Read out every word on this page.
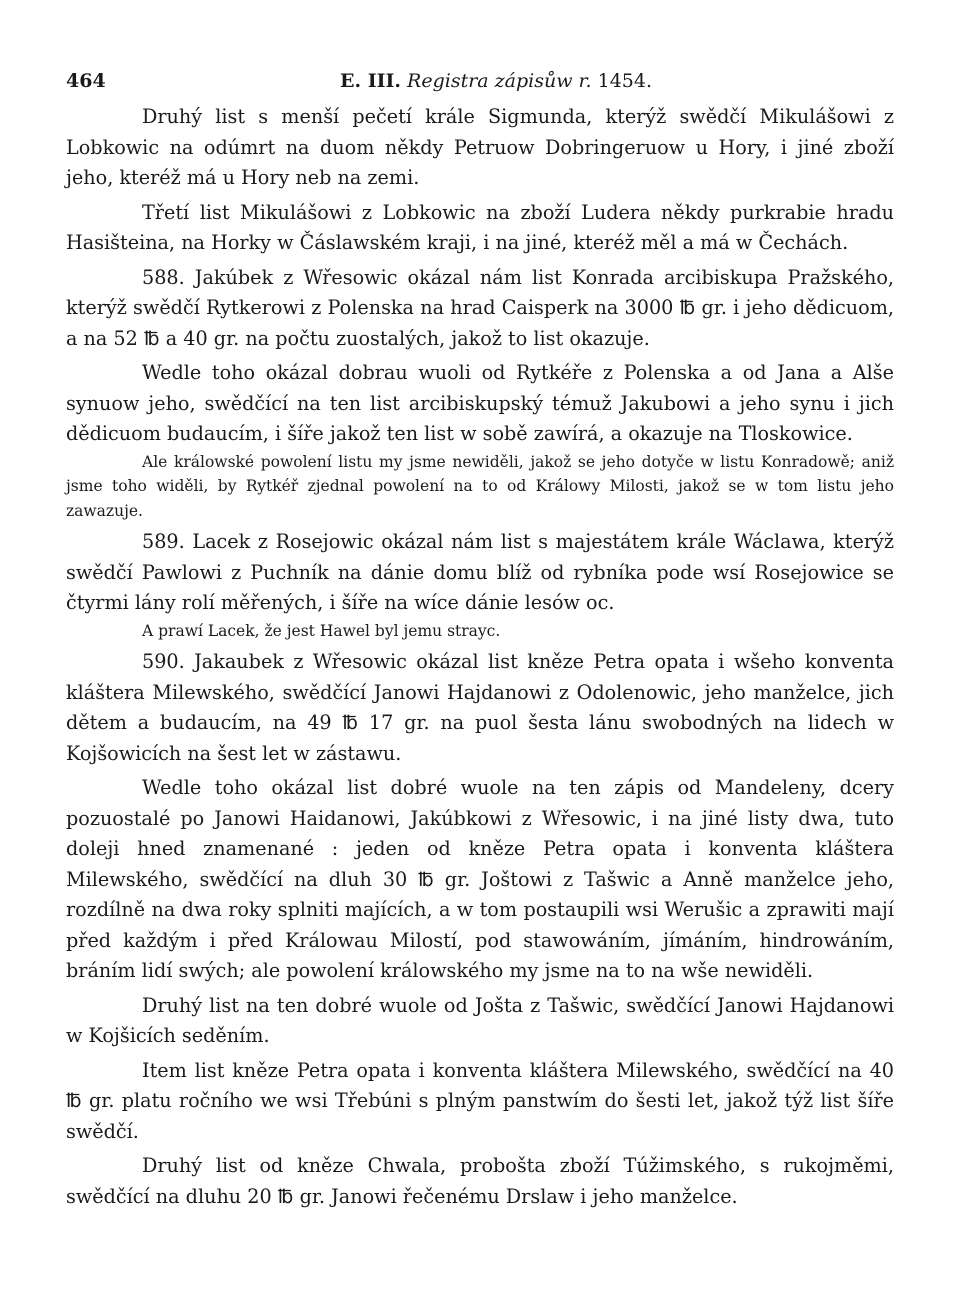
464	E. III. Registra zápisůw r. 1454.

Druhý list s menší pečetí krále Sigmunda, kterýž swědčí Mikulášowi z Lobkowic na odúmrt na duom někdy Petruow Dobringeruow u Hory, i jiné zboží jeho, kteréž má u Hory neb na zemi.

Třetí list Mikulášowi z Lobkowic na zboží Ludera někdy purkrabie hradu Hasišteina, na Horky w Čáslawském kraji, i na jiné, kteréž měl a má w Čechách.

588. Jakúbek z Wřesowic okázal nám list Konrada arcibiskupa Pražského, kterýž swědčí Rytkerowi z Polenska na hrad Caisperk na 3000 ℔ gr. i jeho dědicuom, a na 52 ℔ a 40 gr. na počtu zuostalých, jakož to list okazuje.

Wedle toho okázal dobrau wuoli od Rytkéře z Polenska a od Jana a Alše synuow jeho, swědčící na ten list arcibiskupský témuž Jakubowi a jeho synu i jich dědicuom budaucím, i šíře jakož ten list w sobě zawírá, a okazuje na Tloskowice.

Ale králowské powolení listu my jsme newiděli, jakož se jeho dotyče w listu Konradowě; aniž jsme toho widěli, by Rytkéř zjednal powolení na to od Králowy Milosti, jakož se w tom listu jeho zawazuje.

589. Lacek z Rosejowic okázal nám list s majestátem krále Wáclawa, kterýž swědčí Pawlowi z Puchník na dánie domu blíž od rybníka pode wsí Rosejowice se čtyrmi lány rolí měřených, i šíře na wíce dánie lesów oc.

A prawí Lacek, že jest Hawel byl jemu strayc.

590. Jakaubek z Wřesowic okázal list kněze Petra opata i wšeho konventa kláštera Milewského, swědčící Janowi Hajdanowi z Odolenowic, jeho manželce, jich dětem a budaucím, na 49 ℔ 17 gr. na puol šesta lánu swobodných na lidech w Kojšowicích na šest let w zástawu.

Wedle toho okázal list dobré wuole na ten zápis od Mandeleny, dcery pozuostalé po Janowi Haidanowi, Jakúbkowi z Wřesowic, i na jiné listy dwa, tuto doleji hned znamenané : jeden od kněze Petra opata i konventa kláštera Milewského, swědčící na dluh 30 ℔ gr. Joštowi z Tašwic a Anně manželce jeho, rozdílně na dwa roky splniti majících, a w tom postaupili wsi Werušic a zprawiti mají před každým i před Králowau Milostí, pod stawowáním, jímáním, hindrowáním, bráním lidí swých; ale powolení králowského my jsme na to na wše newiděli.

Druhý list na ten dobré wuole od Jošta z Tašwic, swědčící Janowi Hajdanowi w Kojšicích seděním.

Item list kněze Petra opata i konventa kláštera Milewského, swědčící na 40 ℔ gr. platu ročního we wsi Třebúni s plným panstwím do šesti let, jakož týž list šíře swědčí.

Druhý list od kněze Chwala, probošta zboží Túžimského, s rukojměmi, swědčící na dluhu 20 ℔ gr. Janowi řečenému Drslaw i jeho manželce.
